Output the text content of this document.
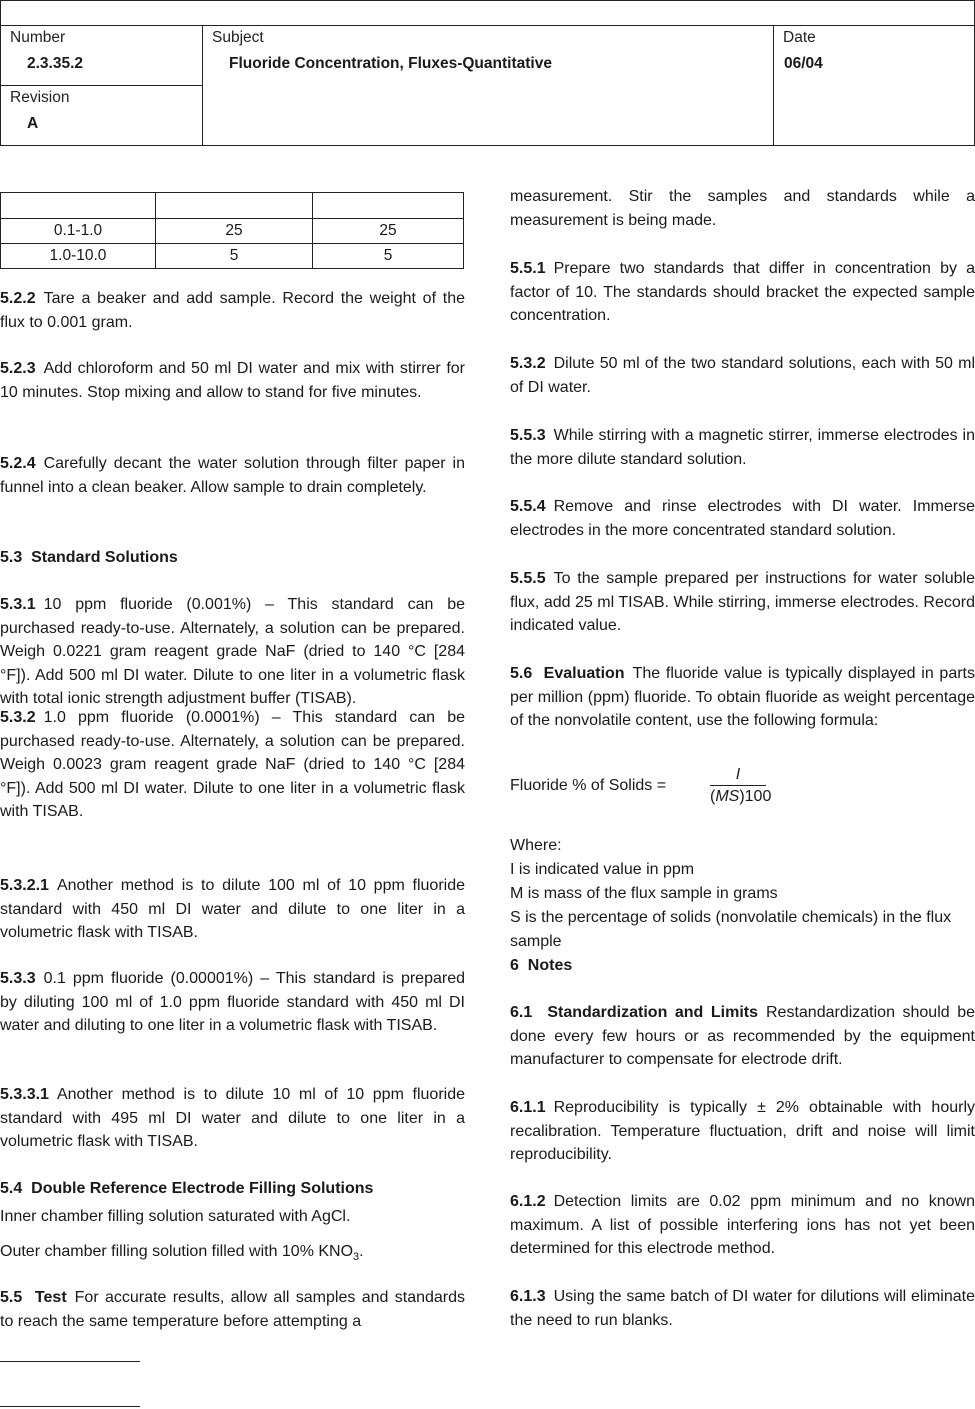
Number
2.3.35.2
Revision
A
Subject
Fluoride Concentration, Fluxes-Quantitative
Date
06/04

0.1-1.0	25	25
1.0-10.0	5	5
5.2.2 Tare a beaker and add sample. Record the weight of the flux to 0.001 gram.
5.2.3 Add chloroform and 50 ml DI water and mix with stirrer for 10 minutes. Stop mixing and allow to stand for five minutes.
5.2.4 Carefully decant the water solution through filter paper in funnel into a clean beaker. Allow sample to drain completely.
5.3  Standard Solutions
5.3.1 10 ppm fluoride (0.001%) – This standard can be purchased ready-to-use. Alternately, a solution can be prepared. Weigh 0.0221 gram reagent grade NaF (dried to 140 °C [284 °F]). Add 500 ml DI water. Dilute to one liter in a volumetric flask with total ionic strength adjustment buffer (TISAB).
5.3.2 1.0 ppm fluoride (0.0001%) – This standard can be purchased ready-to-use. Alternately, a solution can be prepared. Weigh 0.0023 gram reagent grade NaF (dried to 140 °C [284 °F]). Add 500 ml DI water. Dilute to one liter in a volumetric flask with TISAB.
5.3.2.1 Another method is to dilute 100 ml of 10 ppm fluoride standard with 450 ml DI water and dilute to one liter in a volumetric flask with TISAB.
5.3.3 0.1 ppm fluoride (0.00001%) – This standard is prepared by diluting 100 ml of 1.0 ppm fluoride standard with 450 ml DI water and diluting to one liter in a volumetric flask with TISAB.
5.3.3.1 Another method is to dilute 10 ml of 10 ppm fluoride standard with 495 ml DI water and dilute to one liter in a volumetric flask with TISAB.
5.4  Double Reference Electrode Filling Solutions
Inner chamber filling solution saturated with AgCl.
Outer chamber filling solution filled with 10% $KNO_3$.
5.5  Test For accurate results, allow all samples and standards to reach the same temperature before attempting a
measurement. Stir the samples and standards while a measurement is being made.
5.5.1 Prepare two standards that differ in concentration by a factor of 10. The standards should bracket the expected sample concentration.
5.3.2 Dilute 50 ml of the two standard solutions, each with 50 ml of DI water.
5.5.3 While stirring with a magnetic stirrer, immerse electrodes in the more dilute standard solution.
5.5.4 Remove and rinse electrodes with DI water. Immerse electrodes in the more concentrated standard solution.
5.5.5 To the sample prepared per instructions for water soluble flux, add 25 ml TISAB. While stirring, immerse electrodes. Record indicated value.
5.6  Evaluation The fluoride value is typically displayed in parts per million (ppm) fluoride. To obtain fluoride as weight percentage of the nonvolatile content, use the following formula:
6  Notes
6.1  Standardization and Limits Restandardization should be done every few hours or as recommended by the equipment manufacturer to compensate for electrode drift.
6.1.1 Reproducibility is typically ± 2% obtainable with hourly recalibration. Temperature fluctuation, drift and noise will limit reproducibility.
6.1.2 Detection limits are 0.02 ppm minimum and no known maximum. A list of possible interfering ions has not yet been determined for this electrode method.
6.1.3 Using the same batch of DI water for dilutions will eliminate the need to run blanks.
Fluoride % of Solids =	$\frac{I}{(MS)100}$
Where:
I is indicated value in ppm
M is mass of the flux sample in grams
S is the percentage of solids (nonvolatile chemicals) in the flux sample
